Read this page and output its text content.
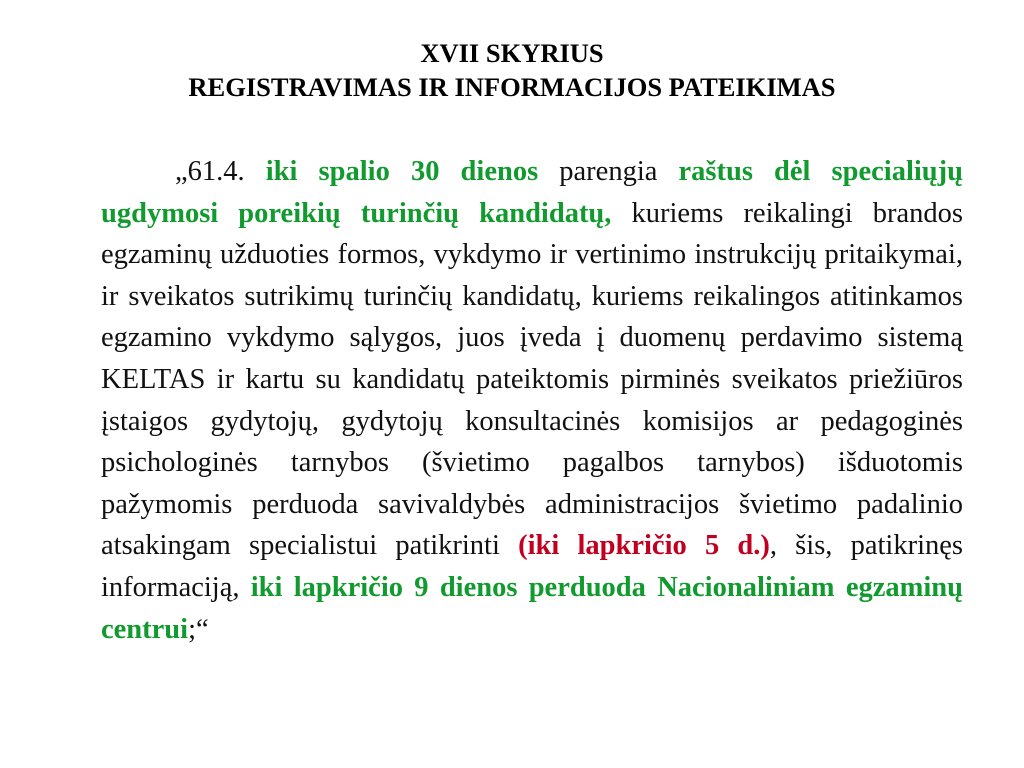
XVII SKYRIUS
REGISTRAVIMAS IR INFORMACIJOS PATEIKIMAS
„61.4. iki spalio 30 dienos parengia raštus dėl specialiųjų ugdymosi poreikių turinčių kandidatų, kuriems reikalingi brandos egzaminų užduoties formos, vykdymo ir vertinimo instrukcijų pritaikymai, ir sveikatos sutrikimų turinčių kandidatų, kuriems reikalingos atitinkamos egzamino vykdymo sąlygos, juos įveda į duomenų perdavimo sistemą KELTAS ir kartu su kandidatų pateiktomis pirminės sveikatos priežiūros įstaigos gydytojų, gydytojų konsultacinės komisijos ar pedagoginės psichologinės tarnybos (švietimo pagalbos tarnybos) išduotomis pažymomis perduoda savivaldybės administracijos švietimo padalinio atsakingam specialistui patikrinti (iki lapkričio 5 d.), šis, patikrinęs informaciją, iki lapkričio 9 dienos perduoda Nacionaliniam egzaminų centrui;“
